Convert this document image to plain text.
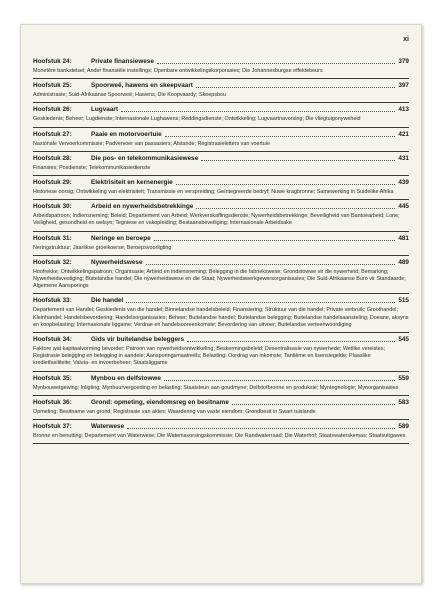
xi
Hoofstuk 24:	Private finansiewese	379
Monetêre bankstelsel; Ander finansiële instellings; Openbare ontwikkelingskorporasies; Die Johannesburgse effektebeurs
Hoofstuk 25:	Spoorweë, hawens en skeepvaart	397
Administrasie; Suid-Afrikaanse Spoorweë; Hawens; Die Koopvaardy; Skeepsbou
Hoofstuk 26:	Lugvaart	413
Geskiedenis; Beheer; Lugdienste; Internasionale Lughawens; Reddingsdienste; Ontwikkeling; Lugvaartnavorsing; Die vliegtuigonyweheid
Hoofstuk 27:	Paaie en motorvoertuie	421
Nasionale Vervoerkommissie; Padvervoer van passasiers; Afstande; Registrasieletters van voertuie
Hoofstuk 28:	Die pos- en telekommunikasiewese	431
Finansies; Posdienste; Telekommunikasiedienste
Hoofstuk 29:	Elektrisiteit en kernenergie	439
Historiese oorsig; Ontwikkeling van elektrisiteit; Transmissie en verspreiding; Geïntegreerde bedryf; Nuwe kragbronne; Samewerking in Suidelike Afrika
Hoofstuk 30:	Arbeid en nywerheidsbetrekkinge	445
Arbeidspatroon; Indiensneming; Beleid; Departement van Arbeid; Werkverskaffingsdienste; Nywerheidsbetrekkinge; Beveiligheid van Bantoearbeid; Lone; Veiligheid, gesondheid en welsyn; Tegniese en vakopleiding; Bestaansbeveiliging; Internasionale Arbeidsake
Hoofstuk 31:	Neringe en beroepe	481
Neringstruktuur; Jaarlikse groeikoerse; Beroepsvoorligting
Hoofstuk 32:	Nywerheidswese	489
Hoofrekke; Ontwikkelingspatroon; Organisasie; Arbeid en indiensneming; Belegging in die fabriekswese; Grondstowwe vir die nywerheid; Bemarking; Nywerheidsvestiging; Buitelandse handel; Die nywerheidswese en die Staat; Nywerheidswerkgewersorganisasies; Die Suid-Afrikaanse Buro vir Standaarde; Algemene Aansporings
Hoofstuk 33:	Die handel	515
Departement van Handel; Geskiedenis van die handel; Binnelandse handelsbeleid; Finansiering; Struktuur van die handel; Private verbruik; Groothandel; Kleinhandel; Handelsbevordering; Handelsorganisasies; Beheer; Buitelandse handel; Buitelandse belegging; Buitelandse handelsaansteling; Doeane, aksyns en koopbelasting; Internasionale liggame; Verdrae en handelsooreenkomste; Bevordering van uitvoer; Buitelandse verteenwoordiging
Hoofstuk 34:	Gids vir buitelandse beleggers	545
Faktore wat kapitaalvorming bevorder; Patroon van nywerheidsontwikkeling; Beskermingsbeleid; Desentralisasie van nywerhede; Wetlike vereistes; Registrasie belegging en belegging in aandele; Aansporingsmaatreëls; Belasting; Oordrag van inkomste; Tantième en lisensiegelde; Plaaslike kredietfasiliteite; Valuta- en invoerbeheer; Staatsliggame
Hoofstuk 35:	Mynbou en delfstowwe	559
Mynbouwetgewing; Inligting; Mynhuurvergoeding en belasting; Staatsteun aan goudmyne; Delfstofbronne en produksie; Myntegnologie; Mynorganisasies
Hoofstuk 36:	Grond: opmeting, eiendomsreg en besitname	583
Opmeting; Besitname van grond; Registrasie van aktes; Waardering van vaste eiendom; Grondbesit in Swart tuislande
Hoofstuk 37:	Waterwese	589
Bronne en benutting; Departement van Waterwese; Die Watemavorsingskommissie; Die Randwaterraad; Die Waterhof; Staatswaterskemas; Staatsuitgawes
